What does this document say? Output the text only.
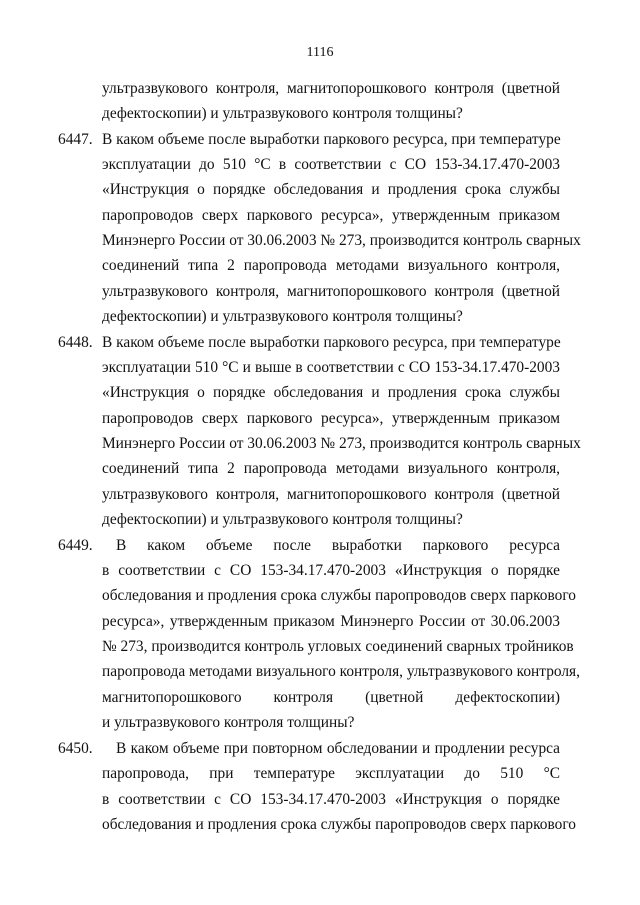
1116
ультразвукового контроля, магнитопорошкового контроля (цветной
дефектоскопии) и ультразвукового контроля толщины?
6447. В каком объеме после выработки паркового ресурса, при температуре
эксплуатации до 510 °С в соответствии с СО 153-34.17.470-2003
«Инструкция о порядке обследования и продления срока службы
паропроводов сверх паркового ресурса», утвержденным приказом
Минэнерго России от 30.06.2003 № 273, производится контроль сварных
соединений типа 2 паропровода методами визуального контроля,
ультразвукового контроля, магнитопорошкового контроля (цветной
дефектоскопии) и ультразвукового контроля толщины?
6448. В каком объеме после выработки паркового ресурса, при температуре
эксплуатации 510 °С и выше в соответствии с СО 153-34.17.470-2003
«Инструкция о порядке обследования и продления срока службы
паропроводов сверх паркового ресурса», утвержденным приказом
Минэнерго России от 30.06.2003 № 273, производится контроль сварных
соединений типа 2 паропровода методами визуального контроля,
ультразвукового контроля, магнитопорошкового контроля (цветной
дефектоскопии) и ультразвукового контроля толщины?
6449. В каком объеме после выработки паркового ресурса
в соответствии с СО 153-34.17.470-2003 «Инструкция о порядке
обследования и продления срока службы паропроводов сверх паркового
ресурса», утвержденным приказом Минэнерго России от 30.06.2003
№ 273, производится контроль угловых соединений сварных тройников
паропровода методами визуального контроля, ультразвукового контроля,
магнитопорошкового контроля (цветной дефектоскопии)
и ультразвукового контроля толщины?
6450. В каком объеме при повторном обследовании и продлении ресурса
паропровода, при температуре эксплуатации до 510 °С
в соответствии с СО 153-34.17.470-2003 «Инструкция о порядке
обследования и продления срока службы паропроводов сверх паркового
